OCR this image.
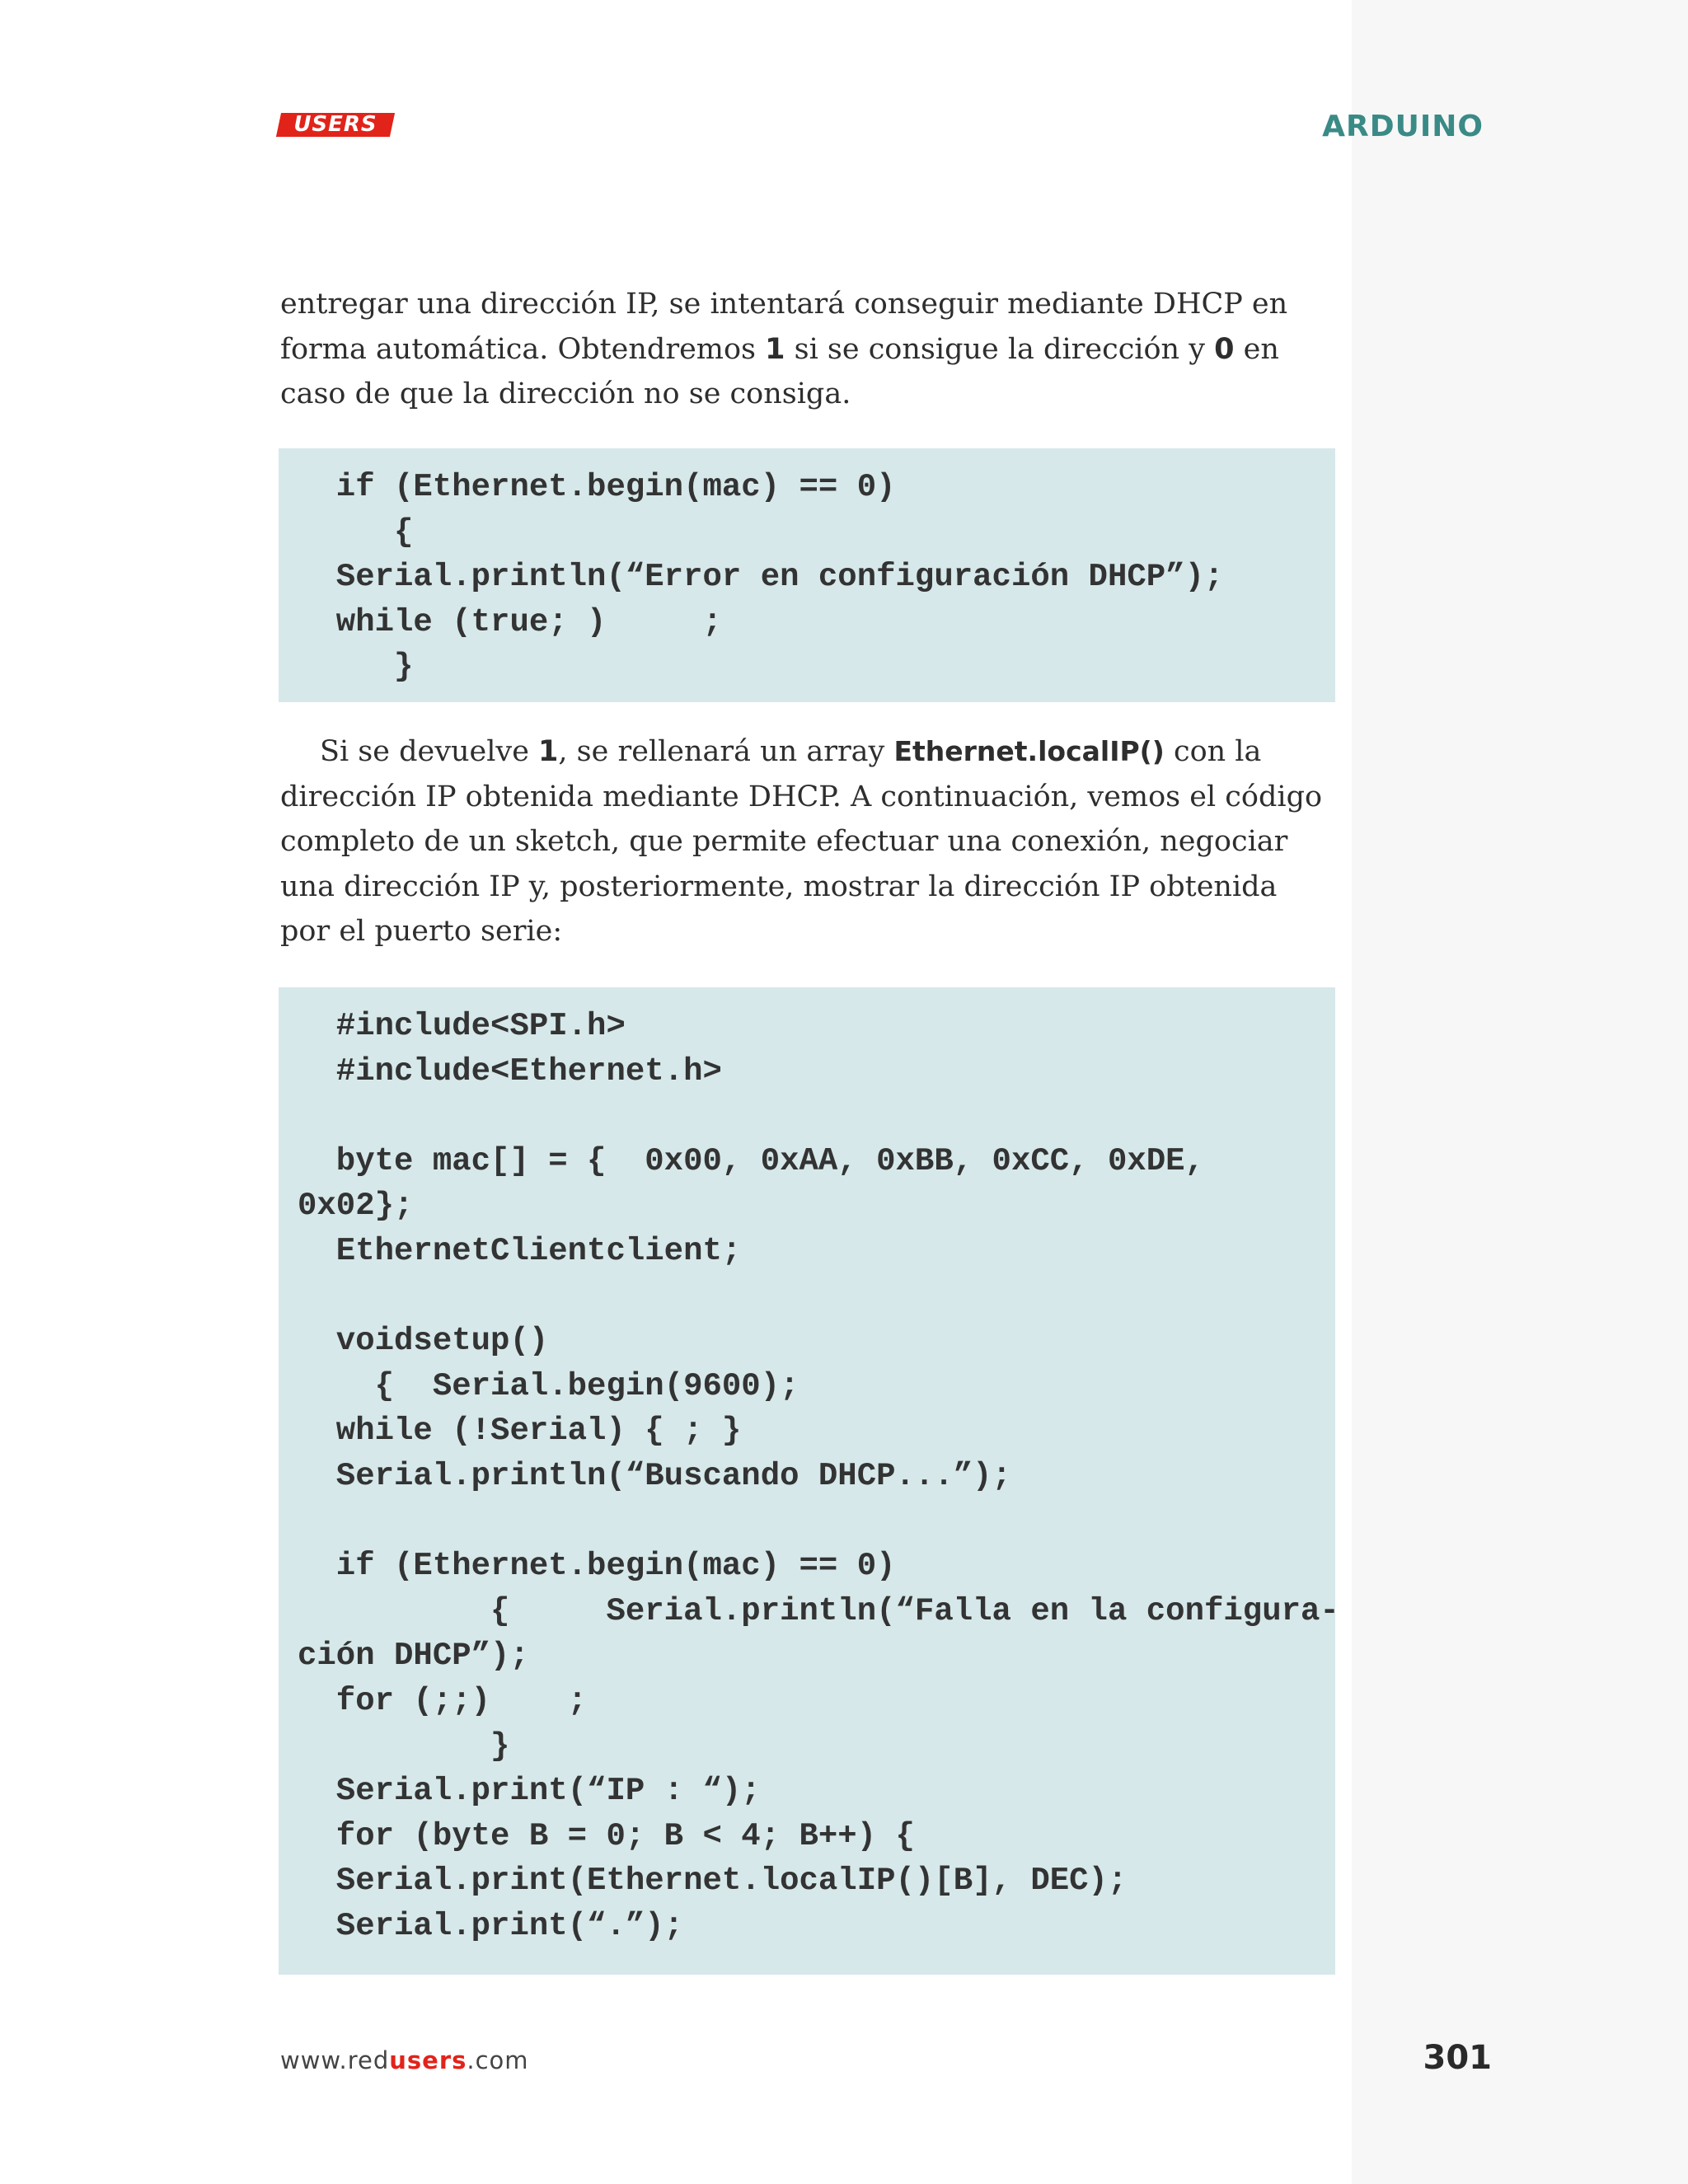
USERS	ARDUINO

entregar una dirección IP, se intentará conseguir mediante DHCP en forma automática. Obtendremos 1 si se consigue la dirección y 0 en caso de que la dirección no se consiga.

if (Ethernet.begin(mac) == 0)
{
Serial.println(“Error en configuración DHCP”);
while (true; )     ;
}

Si se devuelve 1, se rellenará un array Ethernet.localIP() con la dirección IP obtenida mediante DHCP. A continuación, vemos el código completo de un sketch, que permite efectuar una conexión, negociar una dirección IP y, posteriormente, mostrar la dirección IP obtenida por el puerto serie:

#include<SPI.h>
#include<Ethernet.h>

byte mac[] = {  0x00, 0xAA, 0xBB, 0xCC, 0xDE,
0x02};
EthernetClientclient;

voidsetup()
{  Serial.begin(9600);
while (!Serial) { ; }
Serial.println(“Buscando DHCP...”);

if (Ethernet.begin(mac) == 0)
{     Serial.println(“Falla en la configura-
ción DHCP”);
for (;;)    ;
}
Serial.print(“IP : “);
for (byte B = 0; B < 4; B++) {
Serial.print(Ethernet.localIP()[B], DEC);
Serial.print(“.”);
www.redusers.com	301
